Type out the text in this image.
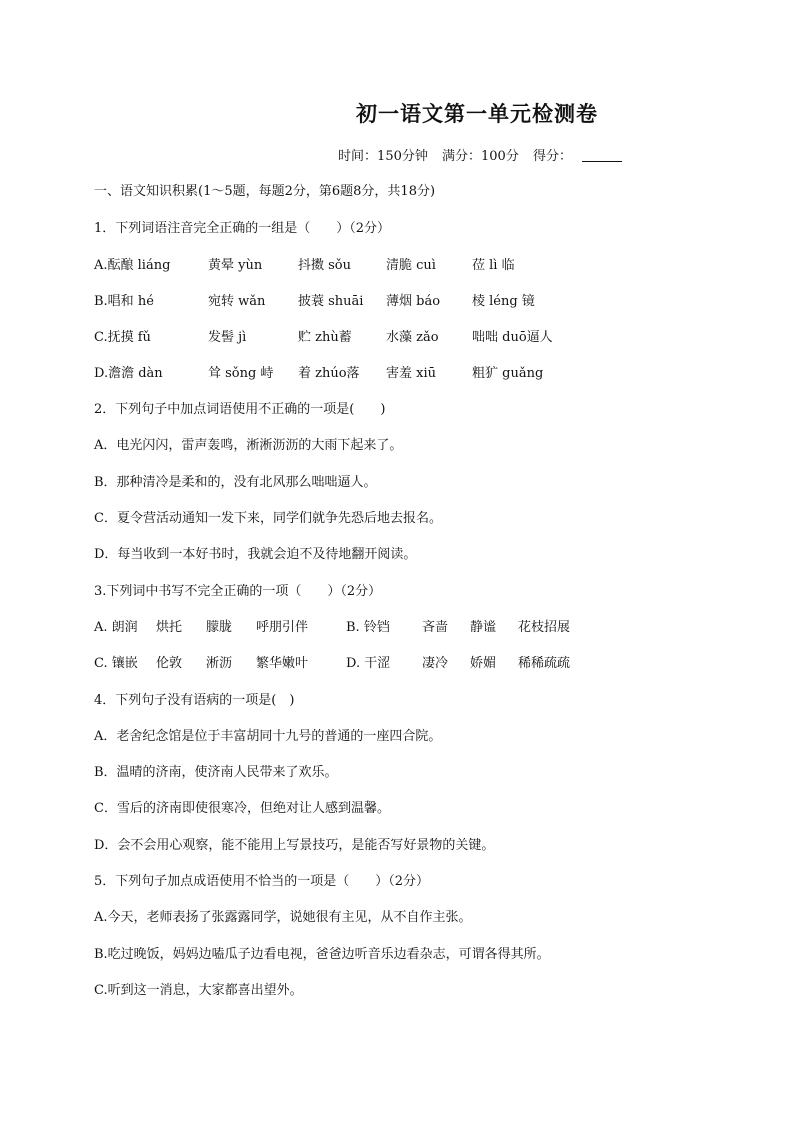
初一语文第一单元检测卷
时间：150分钟 满分：100分 得分：
一、语文知识积累(1～5题，每题2分，第6题8分，共18分)
1．下列词语注音完全正确的一组是（　　）（2分）
A.酝酿 liáng	黄晕 yùn	抖擞 sǒu	清脆 cuì	莅 lì 临
B.唱和 hé	宛转 wǎn	披蓑 shuāi	薄烟 báo	棱 léng 镜
C.抚摸 fǔ	发髻 jì	贮 zhù蓄	水藻 zǎo	咄咄 duō逼人
D.澹澹 dàn	耸 sǒng 峙	着 zhúo落	害羞 xiū	粗犷 guǎng
2．下列句子中加点词语使用不正确的一项是(　　)
A．电光闪闪，雷声轰鸣，淅淅沥沥的大雨下起来了。
B．那种清冷是柔和的，没有北风那么咄咄逼人。
C．夏令营活动通知一发下来，同学们就争先恐后地去报名。
D．每当收到一本好书时，我就会迫不及待地翻开阅读。
3.下列词中书写不完全正确的一项（　　）（2分）
A. 朗润	烘托	朦胧	呼朋引伴	B. 铃铛	吝啬	静谧	花枝招展
C. 镶嵌	伦敦	淅沥	繁华嫩叶	D. 干涩	凄冷	娇媚	稀稀疏疏
4．下列句子没有语病的一项是(　)
A．老舍纪念馆是位于丰富胡同十九号的普通的一座四合院。
B．温晴的济南，使济南人民带来了欢乐。
C．雪后的济南即使很寒冷，但绝对让人感到温馨。
D．会不会用心观察，能不能用上写景技巧，是能否写好景物的关键。
5．下列句子加点成语使用不恰当的一项是（　　）（2分）
A.今天，老师表扬了张露露同学，说她很有主见，从不自作主张。
B.吃过晚饭，妈妈边嗑瓜子边看电视，爸爸边听音乐边看杂志，可谓各得其所。
C.听到这一消息，大家都喜出望外。
